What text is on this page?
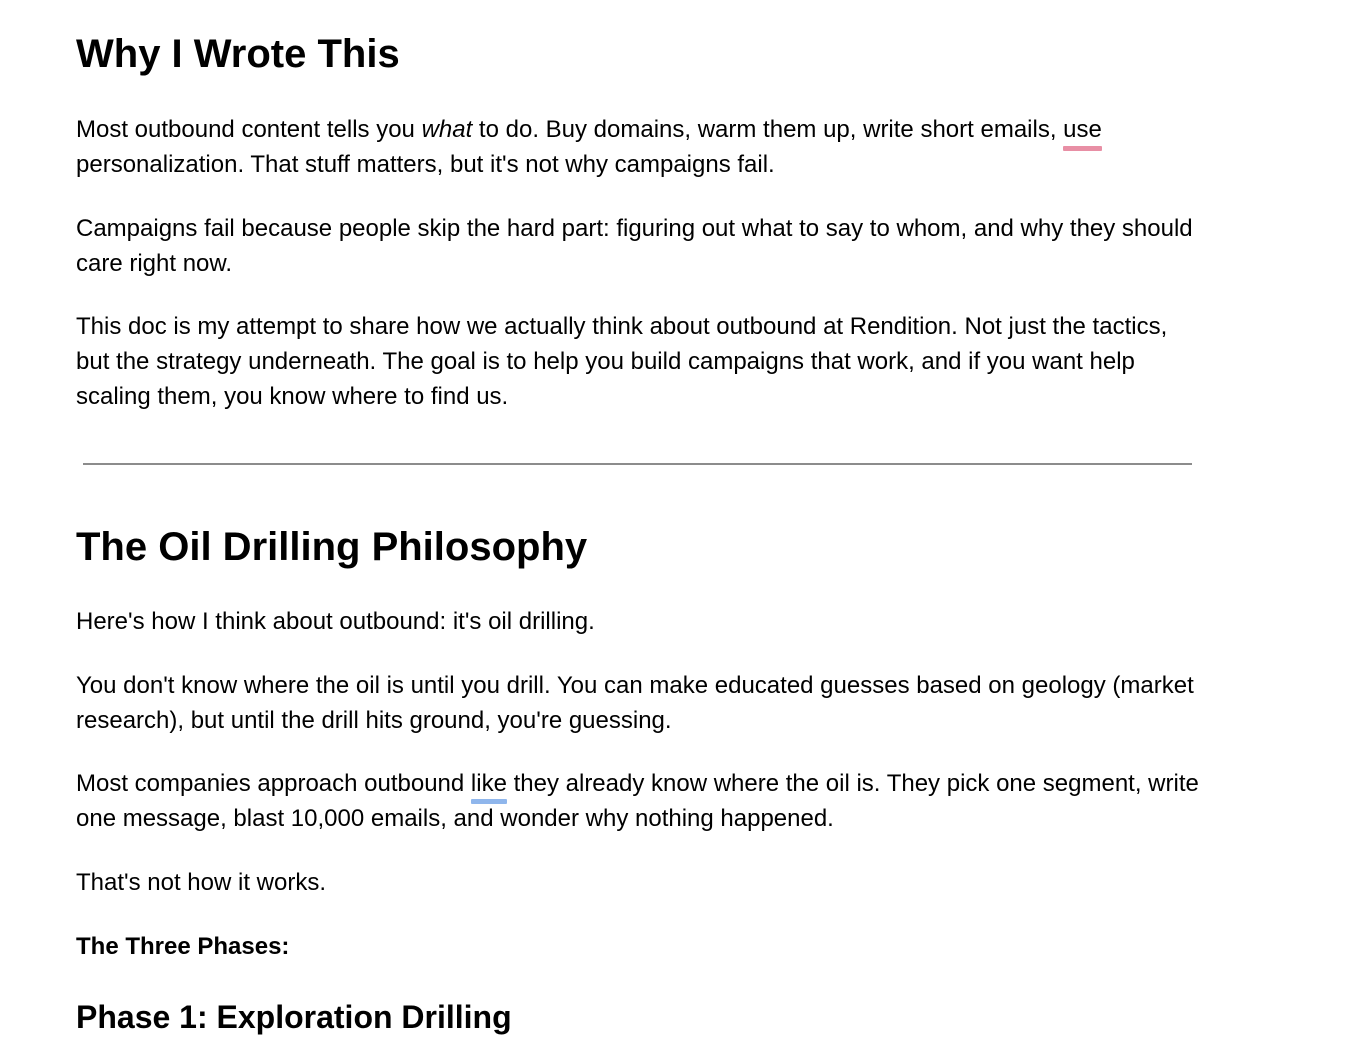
Why I Wrote This

Most outbound content tells you what to do. Buy domains, warm them up, write short emails, use personalization. That stuff matters, but it's not why campaigns fail.

Campaigns fail because people skip the hard part: figuring out what to say to whom, and why they should care right now.

This doc is my attempt to share how we actually think about outbound at Rendition. Not just the tactics, but the strategy underneath. The goal is to help you build campaigns that work, and if you want help scaling them, you know where to find us.

The Oil Drilling Philosophy

Here's how I think about outbound: it's oil drilling.

You don't know where the oil is until you drill. You can make educated guesses based on geology (market research), but until the drill hits ground, you're guessing.

Most companies approach outbound like they already know where the oil is. They pick one segment, write one message, blast 10,000 emails, and wonder why nothing happened.

That's not how it works.

The Three Phases:

Phase 1: Exploration Drilling
